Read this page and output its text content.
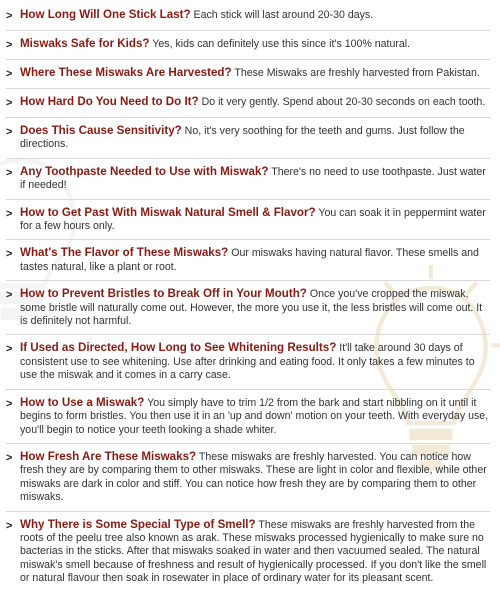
> How Long Will One Stick Last? Each stick will last around 20-30 days.
> Miswaks Safe for Kids? Yes, kids can definitely use this since it's 100% natural.
> Where These Miswaks Are Harvested? These Miswaks are freshly harvested from Pakistan.
> How Hard Do You Need to Do It? Do it very gently. Spend about 20-30 seconds on each tooth.
> Does This Cause Sensitivity? No, it's very soothing for the teeth and gums. Just follow the directions.
> Any Toothpaste Needed to Use with Miswak? There's no need to use toothpaste. Just water if needed!
> How to Get Past With Miswak Natural Smell & Flavor? You can soak it in peppermint water for a few hours only.
> What's The Flavor of These Miswaks? Our miswaks having natural flavor. These smells and tastes natural, like a plant or root.
> How to Prevent Bristles to Break Off in Your Mouth? Once you've cropped the miswak, some bristle will naturally come out. However, the more you use it, the less bristles will come out. It is definitely not harmful.
> If Used as Directed, How Long to See Whitening Results? It'll take around 30 days of consistent use to see whitening. Use after drinking and eating food. It only takes a few minutes to use the miswak and it comes in a carry case.
> How to Use a Miswak? You simply have to trim 1/2 from the bark and start nibbling on it until it begins to form bristles. You then use it in an 'up and down' motion on your teeth. With everyday use, you'll begin to notice your teeth looking a shade whiter.
> How Fresh Are These Miswaks? These miswaks are freshly harvested. You can notice how fresh they are by comparing them to other miswaks. These are light in color and flexible, while other miswaks are dark in color and stiff. You can notice how fresh they are by comparing them to other miswaks.
> Why There is Some Special Type of Smell? These miswaks are freshly harvested from the roots of the peelu tree also known as arak. These miswaks processed hygienically to make sure no bacterias in the sticks. After that miswaks soaked in water and then vacuumed sealed. The natural miswak's smell because of freshness and result of hygienically processed. If you don't like the smell or natural flavour then soak in rosewater in place of ordinary water for its pleasant scent.
